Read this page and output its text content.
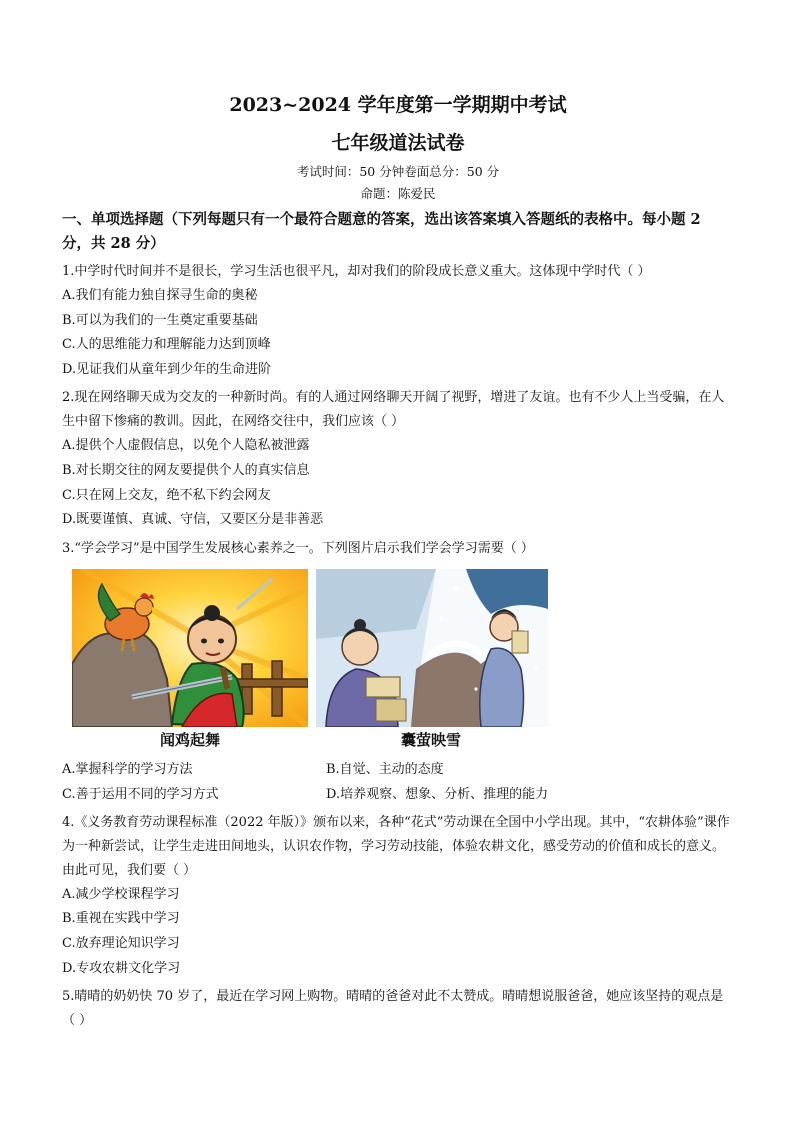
2023~2024 学年度第一学期期中考试
七年级道法试卷
考试时间：50 分钟卷面总分：50 分
命题：陈爱民
一、单项选择题（下列每题只有一个最符合题意的答案，选出该答案填入答题纸的表格中。每小题 2 分，共 28 分）
1.中学时代时间并不是很长，学习生活也很平凡，却对我们的阶段成长意义重大。这体现中学时代（ ）
A.我们有能力独自探寻生命的奥秘
B.可以为我们的一生奠定重要基础
C.人的思维能力和理解能力达到顶峰
D.见证我们从童年到少年的生命进阶
2.现在网络聊天成为交友的一种新时尚。有的人通过网络聊天开阔了视野，增进了友谊。也有不少人上当受骗，在人生中留下惨痛的教训。因此，在网络交往中，我们应该（ ）
A.提供个人虚假信息，以免个人隐私被泄露
B.对长期交往的网友要提供个人的真实信息
C.只在网上交友，绝不私下约会网友
D.既要谨慎、真诚、守信，又要区分是非善恶
3.“学会学习”是中国学生发展核心素养之一。下列图片启示我们学会学习需要（ ）
闻鸡起舞	囊萤映雪
A.掌握科学的学习方法	B.自觉、主动的态度
C.善于运用不同的学习方式	D.培养观察、想象、分析、推理的能力
4.《义务教育劳动课程标准（2022 年版）》颁布以来，各种“花式”劳动课在全国中小学出现。其中，“农耕体验”课作为一种新尝试，让学生走进田间地头，认识农作物，学习劳动技能，体验农耕文化，感受劳动的价值和成长的意义。由此可见，我们要（ ）
A.减少学校课程学习
B.重视在实践中学习
C.放弃理论知识学习
D.专攻农耕文化学习
5.晴晴的奶奶快 70 岁了，最近在学习网上购物。晴晴的爸爸对此不太赞成。晴晴想说服爸爸，她应该坚持的观点是（ ）
